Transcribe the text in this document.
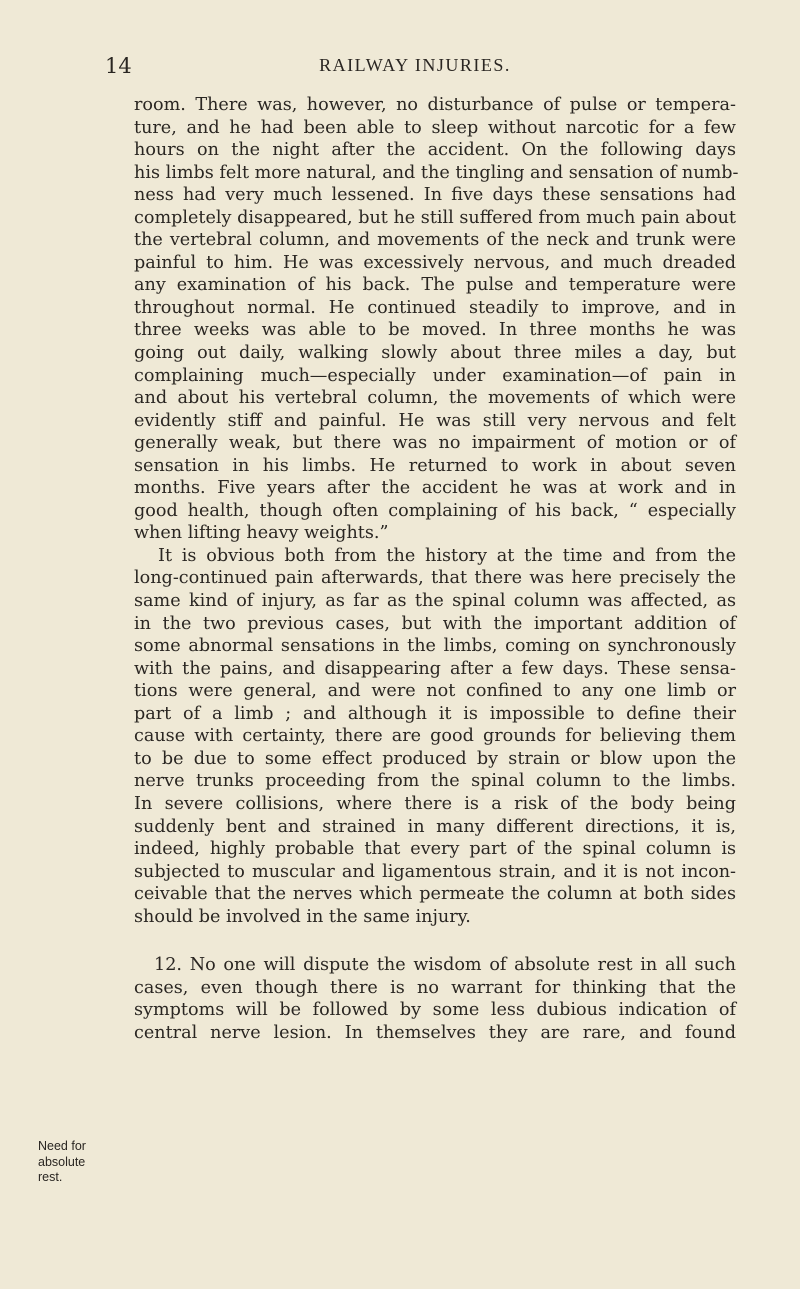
14	RAILWAY INJURIES.
room. There was, however, no disturbance of pulse or tempera-
ture, and he had been able to sleep without narcotic for a few
hours on the night after the accident. On the following days
his limbs felt more natural, and the tingling and sensation of numb-
ness had very much lessened. In five days these sensations had
completely disappeared, but he still suffered from much pain about
the vertebral column, and movements of the neck and trunk were
painful to him. He was excessively nervous, and much dreaded
any examination of his back. The pulse and temperature were
throughout normal. He continued steadily to improve, and in
three weeks was able to be moved. In three months he was
going out daily, walking slowly about three miles a day, but
complaining much—especially under examination—of pain in
and about his vertebral column, the movements of which were
evidently stiff and painful. He was still very nervous and felt
generally weak, but there was no impairment of motion or of
sensation in his limbs. He returned to work in about seven
months. Five years after the accident he was at work and in
good health, though often complaining of his back, “ especially
when lifting heavy weights.”
It is obvious both from the history at the time and from the
long-continued pain afterwards, that there was here precisely the
same kind of injury, as far as the spinal column was affected, as
in the two previous cases, but with the important addition of
some abnormal sensations in the limbs, coming on synchronously
with the pains, and disappearing after a few days. These sensa-
tions were general, and were not confined to any one limb or
part of a limb ; and although it is impossible to define their
cause with certainty, there are good grounds for believing them
to be due to some effect produced by strain or blow upon the
nerve trunks proceeding from the spinal column to the limbs.
In severe collisions, where there is a risk of the body being
suddenly bent and strained in many different directions, it is,
indeed, highly probable that every part of the spinal column is
subjected to muscular and ligamentous strain, and it is not incon-
ceivable that the nerves which permeate the column at both sides
should be involved in the same injury.
12. No one will dispute the wisdom of absolute rest in all such
cases, even though there is no warrant for thinking that the
symptoms will be followed by some less dubious indication of
central nerve lesion. In themselves they are rare, and found
Need for
absolute
rest.
